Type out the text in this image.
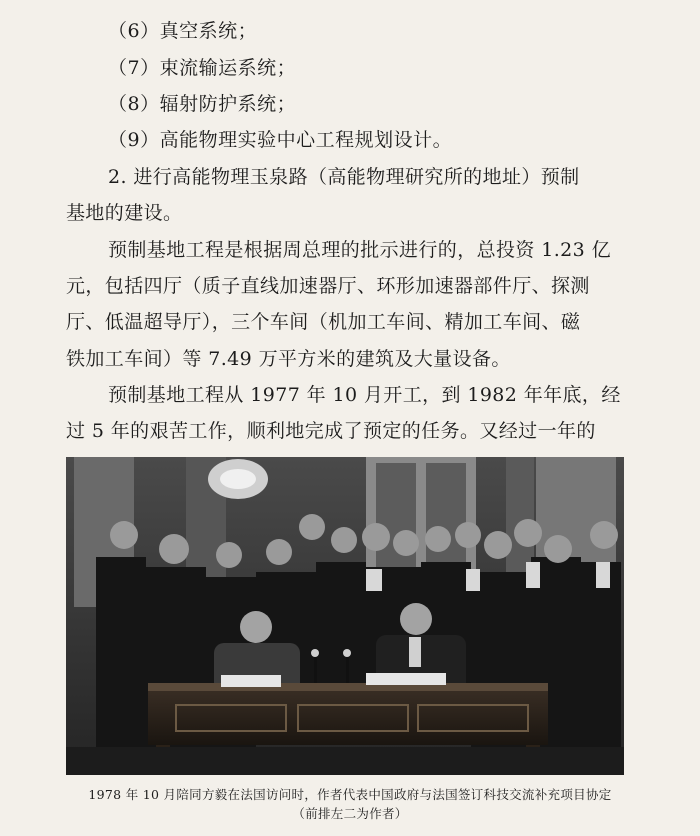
（6）真空系统；
（7）束流输运系统；
（8）辐射防护系统；
（9）高能物理实验中心工程规划设计。
2. 进行高能物理玉泉路（高能物理研究所的地址）预制
基地的建设。
预制基地工程是根据周总理的批示进行的，总投资 1.23 亿
元，包括四厅（质子直线加速器厅、环形加速器部件厅、探测
厅、低温超导厅），三个车间（机加工车间、精加工车间、磁
铁加工车间）等 7.49 万平方米的建筑及大量设备。
预制基地工程从 1977 年 10 月开工，到 1982 年年底，经
过 5 年的艰苦工作，顺利地完成了预定的任务。又经过一年的
1978 年 10 月陪同方毅在法国访问时，作者代表中国政府与法国签订科技交流补充项目协定
（前排左二为作者）
